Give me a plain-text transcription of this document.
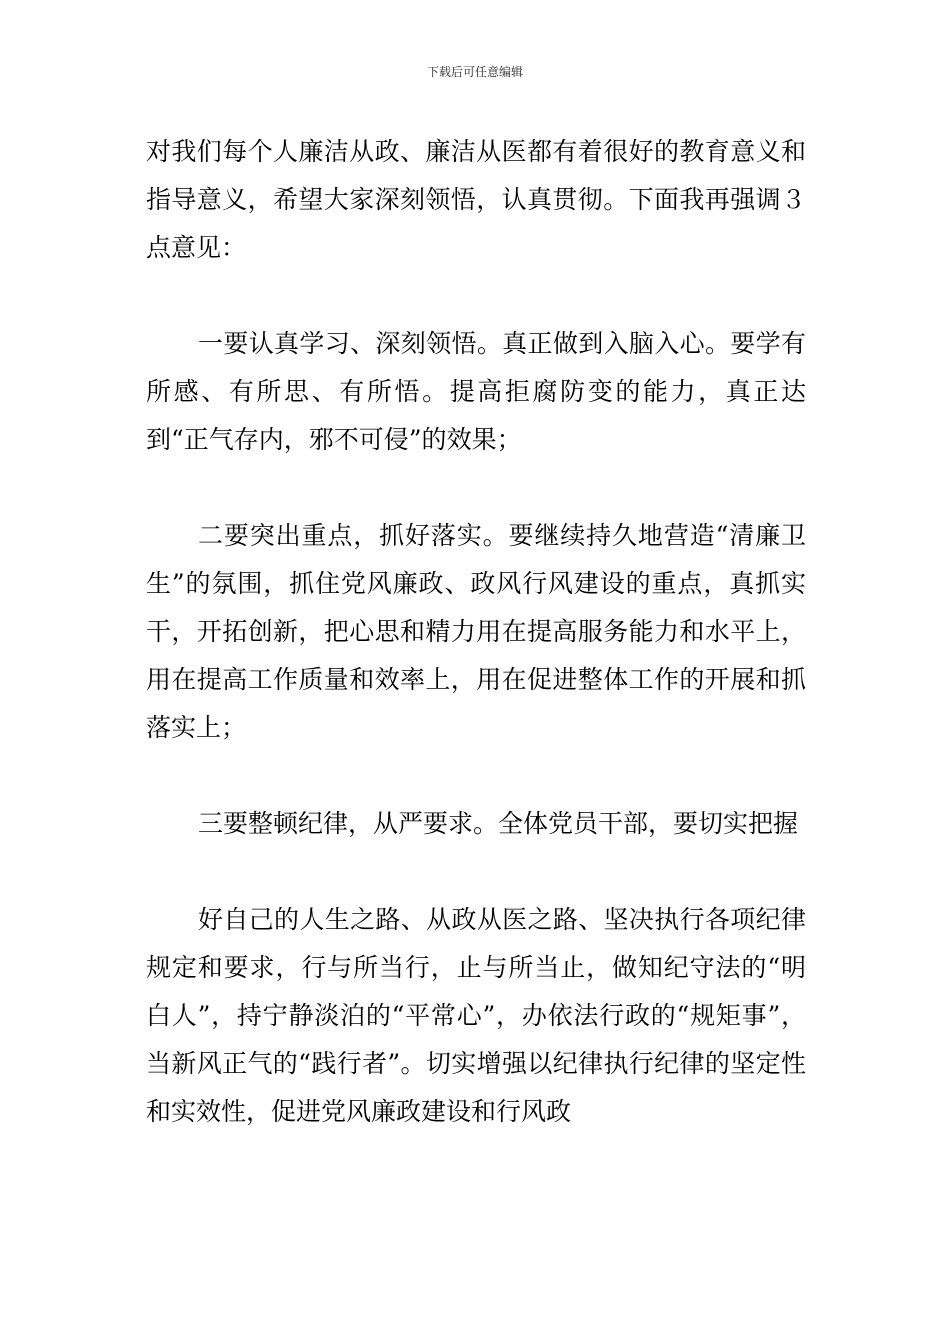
下载后可任意编辑

对我们每个人廉洁从政、廉洁从医都有着很好的教育意义和指导意义，希望大家深刻领悟，认真贯彻。下面我再强调３点意见：

一要认真学习、深刻领悟。真正做到入脑入心。要学有所感、有所思、有所悟。提高拒腐防变的能力，真正达到“正气存内，邪不可侵”的效果；

二要突出重点，抓好落实。要继续持久地营造“清廉卫生”的氛围，抓住党风廉政、政风行风建设的重点，真抓实干，开拓创新，把心思和精力用在提高服务能力和水平上，用在提高工作质量和效率上，用在促进整体工作的开展和抓落实上；

三要整顿纪律，从严要求。全体党员干部，要切实把握

好自己的人生之路、从政从医之路、坚决执行各项纪律规定和要求，行与所当行，止与所当止，做知纪守法的“明白人”，持宁静淡泊的“平常心”，办依法行政的“规矩事”，当新风正气的“践行者”。切实增强以纪律执行纪律的坚定性和实效性，促进党风廉政建设和行风政
